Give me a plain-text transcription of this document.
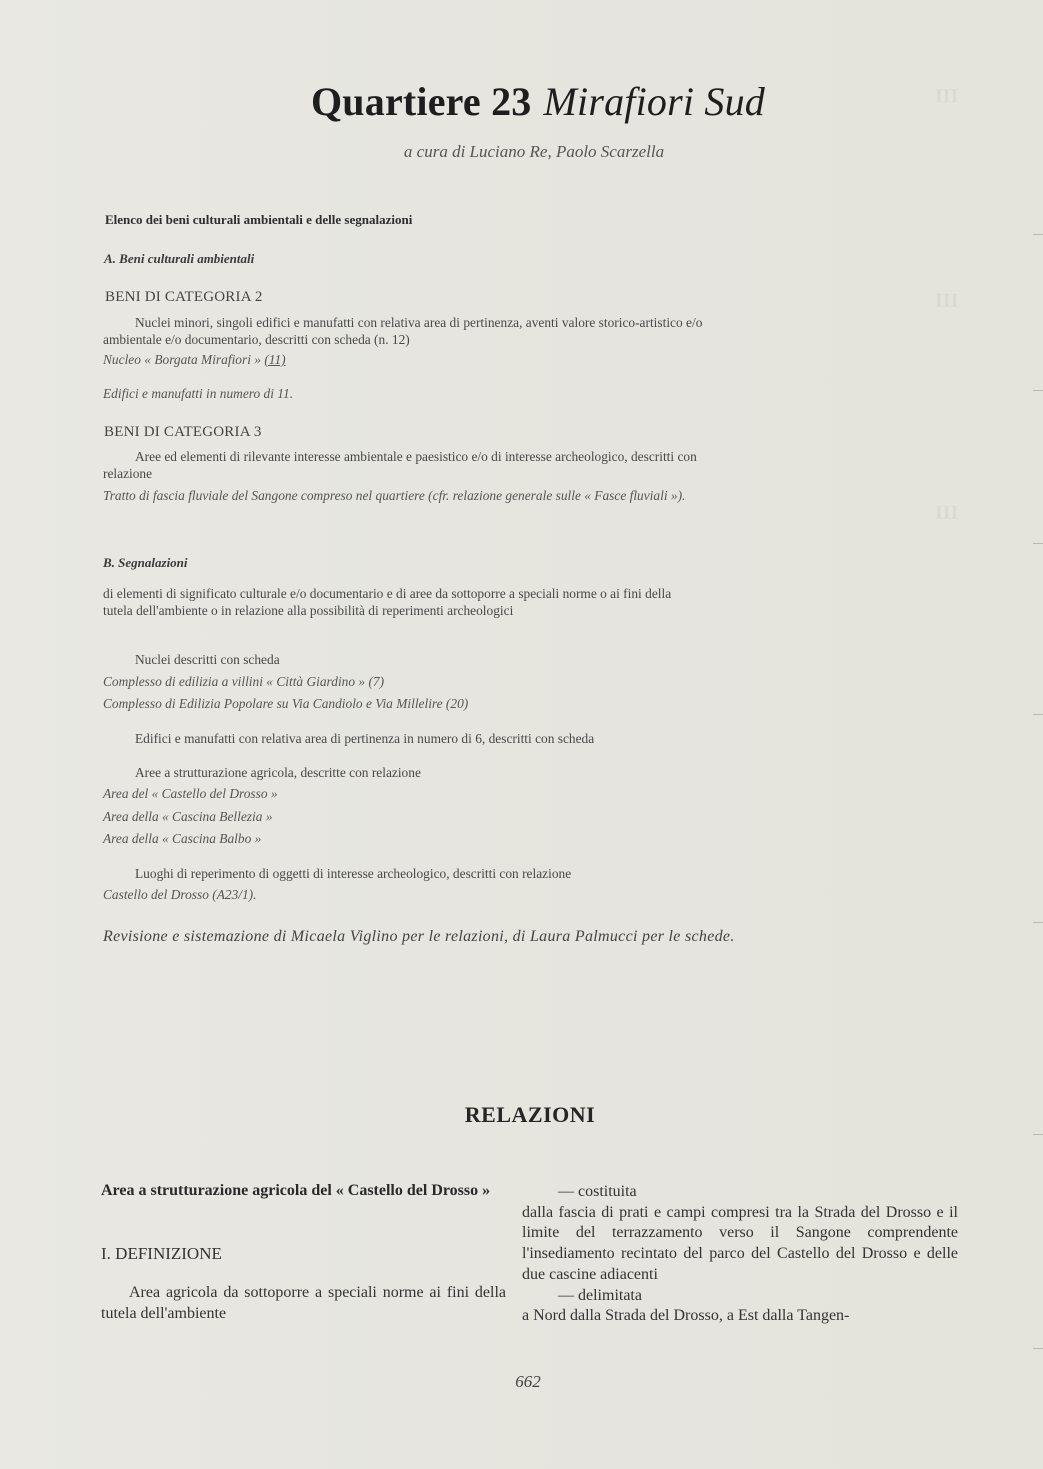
III
III
III
Quartiere 23 Mirafiori Sud
a cura di Luciano Re, Paolo Scarzella
Elenco dei beni culturali ambientali e delle segnalazioni
A. Beni culturali ambientali
BENI DI CATEGORIA 2
Nuclei minori, singoli edifici e manufatti con relativa area di pertinenza, aventi valore storico-artistico e/o ambientale e/o documentario, descritti con scheda (n. 12)
Nucleo « Borgata Mirafiori » (11)
Edifici e manufatti in numero di 11.
BENI DI CATEGORIA 3
Aree ed elementi di rilevante interesse ambientale e paesistico e/o di interesse archeologico, descritti con relazione
Tratto di fascia fluviale del Sangone compreso nel quartiere (cfr. relazione generale sulle « Fasce fluviali »).
B. Segnalazioni
di elementi di significato culturale e/o documentario e di aree da sottoporre a speciali norme o ai fini della tutela dell'ambiente o in relazione alla possibilità di reperimenti archeologici
Nuclei descritti con scheda
Complesso di edilizia a villini « Città Giardino » (7)
Complesso di Edilizia Popolare su Via Candiolo e Via Millelire (20)
Edifici e manufatti con relativa area di pertinenza in numero di 6, descritti con scheda
Aree a strutturazione agricola, descritte con relazione
Area del « Castello del Drosso »
Area della « Cascina Bellezia »
Area della « Cascina Balbo »
Luoghi di reperimento di oggetti di interesse archeologico, descritti con relazione
Castello del Drosso (A23/1).
Revisione e sistemazione di Micaela Viglino per le relazioni, di Laura Palmucci per le schede.
RELAZIONI
Area a strutturazione agricola del « Castello del Drosso »
I. DEFINIZIONE
Area agricola da sottoporre a speciali norme ai fini della tutela dell'ambiente
— costituita
dalla fascia di prati e campi compresi tra la Strada del Drosso e il limite del terrazzamento verso il Sangone comprendente l'insediamento recintato del parco del Castello del Drosso e delle due cascine adiacenti
— delimitata
a Nord dalla Strada del Drosso, a Est dalla Tangen-
662
